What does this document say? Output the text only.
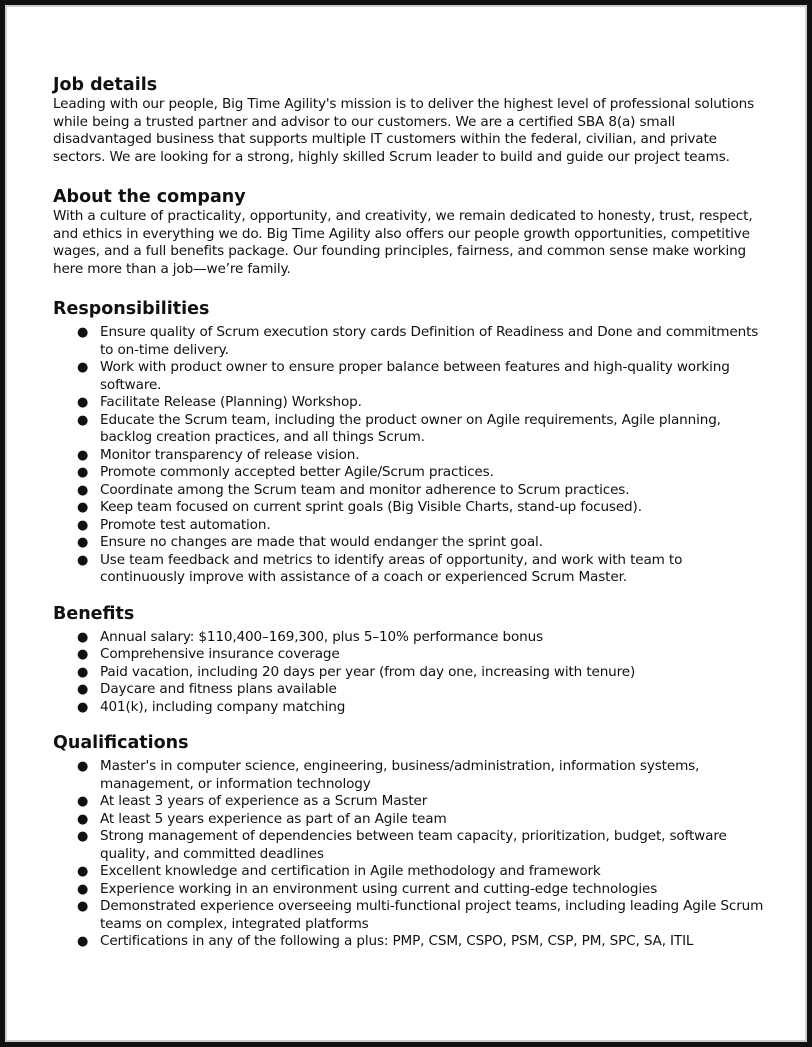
Job details

Leading with our people, Big Time Agility's mission is to deliver the highest level of professional solutions while being a trusted partner and advisor to our customers. We are a certified SBA 8(a) small disadvantaged business that supports multiple IT customers within the federal, civilian, and private sectors. We are looking for a strong, highly skilled Scrum leader to build and guide our project teams.

About the company

With a culture of practicality, opportunity, and creativity, we remain dedicated to honesty, trust, respect, and ethics in everything we do. Big Time Agility also offers our people growth opportunities, competitive wages, and a full benefits package. Our founding principles, fairness, and common sense make working here more than a job—we’re family.

Responsibilities
● Ensure quality of Scrum execution story cards Definition of Readiness and Done and commitments to on-time delivery.
● Work with product owner to ensure proper balance between features and high-quality working software.
● Facilitate Release (Planning) Workshop.
● Educate the Scrum team, including the product owner on Agile requirements, Agile planning, backlog creation practices, and all things Scrum.
● Monitor transparency of release vision.
● Promote commonly accepted better Agile/Scrum practices.
● Coordinate among the Scrum team and monitor adherence to Scrum practices.
● Keep team focused on current sprint goals (Big Visible Charts, stand-up focused).
● Promote test automation.
● Ensure no changes are made that would endanger the sprint goal.
● Use team feedback and metrics to identify areas of opportunity, and work with team to continuously improve with assistance of a coach or experienced Scrum Master.
Benefits
● Annual salary: $110,400–169,300, plus 5–10% performance bonus
● Comprehensive insurance coverage
● Paid vacation, including 20 days per year (from day one, increasing with tenure)
● Daycare and fitness plans available
● 401(k), including company matching
Qualifications
● Master's in computer science, engineering, business/administration, information systems, management, or information technology
● At least 3 years of experience as a Scrum Master
● At least 5 years experience as part of an Agile team
● Strong management of dependencies between team capacity, prioritization, budget, software quality, and committed deadlines
● Excellent knowledge and certification in Agile methodology and framework
● Experience working in an environment using current and cutting-edge technologies
● Demonstrated experience overseeing multi-functional project teams, including leading Agile Scrum teams on complex, integrated platforms
● Certifications in any of the following a plus: PMP, CSM, CSPO, PSM, CSP, PM, SPC, SA, ITIL
